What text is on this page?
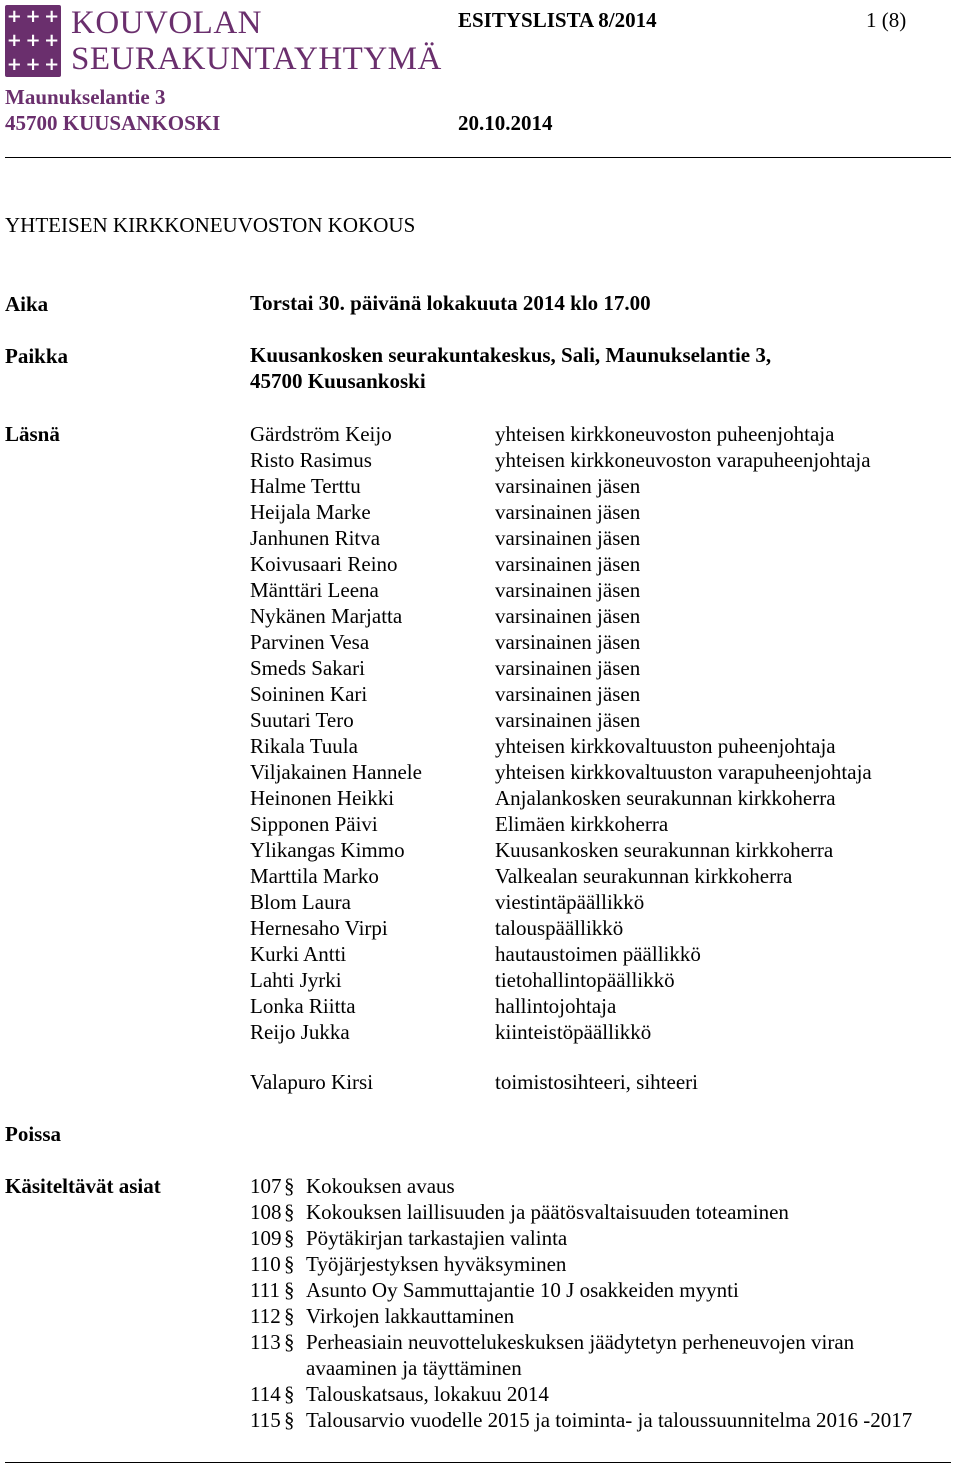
+ + +
+ + +
+ + +
KOUVOLAN
SEURAKUNTAYHTYMÄ
Maunukselantie 3
45700 KUUSANKOSKI
ESITYSLISTA 8/2014	1 (8)
20.10.2014
YHTEISEN KIRKKONEUVOSTON KOKOUS
Aika	Torstai 30. päivänä lokakuuta 2014 klo 17.00
Paikka	Kuusankosken seurakuntakeskus, Sali, Maunukselantie 3,
45700 Kuusankoski
Läsnä	Gärdström Keijo	yhteisen kirkkoneuvoston puheenjohtaja
Risto Rasimus	yhteisen kirkkoneuvoston varapuheenjohtaja
Halme Terttu	varsinainen jäsen
Heijala Marke	varsinainen jäsen
Janhunen Ritva	varsinainen jäsen
Koivusaari Reino	varsinainen jäsen
Mänttäri Leena	varsinainen jäsen
Nykänen Marjatta	varsinainen jäsen
Parvinen Vesa	varsinainen jäsen
Smeds Sakari	varsinainen jäsen
Soininen Kari	varsinainen jäsen
Suutari Tero	varsinainen jäsen
Rikala Tuula	yhteisen kirkkovaltuuston puheenjohtaja
Viljakainen Hannele	yhteisen kirkkovaltuuston varapuheenjohtaja
Heinonen Heikki	Anjalankosken seurakunnan kirkkoherra
Sipponen Päivi	Elimäen kirkkoherra
Ylikangas Kimmo	Kuusankosken seurakunnan kirkkoherra
Marttila Marko	Valkealan seurakunnan kirkkoherra
Blom Laura	viestintäpäällikkö
Hernesaho Virpi	talouspäällikkö
Kurki Antti	hautaustoimen päällikkö
Lahti Jyrki	tietohallintopäällikkö
Lonka Riitta	hallintojohtaja
Reijo Jukka	kiinteistöpäällikkö
Valapuro Kirsi	toimistosihteeri, sihteeri
Poissa
Käsiteltävät asiat	107 § Kokouksen avaus
108 § Kokouksen laillisuuden ja päätösvaltaisuuden toteaminen
109 § Pöytäkirjan tarkastajien valinta
110 § Työjärjestyksen hyväksyminen
111 § Asunto Oy Sammuttajantie 10 J osakkeiden myynti
112 § Virkojen lakkauttaminen
113 § Perheasiain neuvottelukeskuksen jäädytetyn perheneuvojen viran
avaaminen ja täyttäminen
114 § Talouskatsaus, lokakuu 2014
115 § Talousarvio vuodelle 2015 ja toiminta- ja taloussuunnitelma 2016 -2017
